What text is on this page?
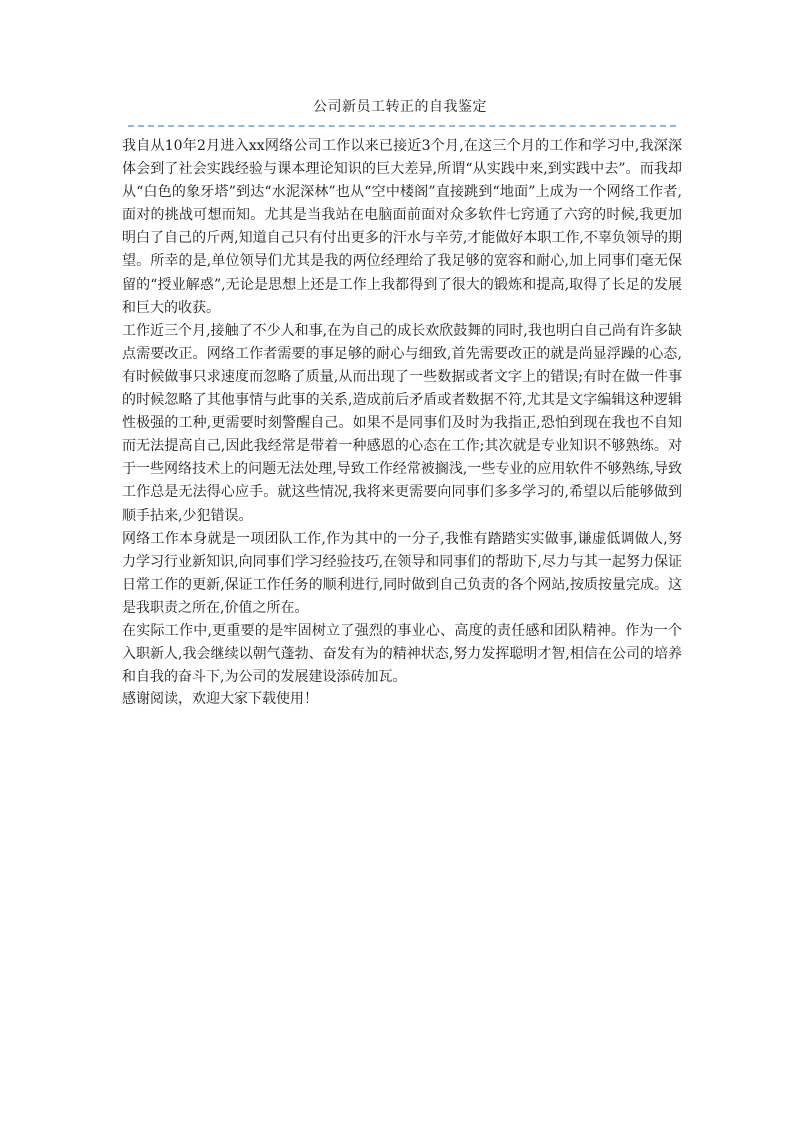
公司新员工转正的自我鉴定

我自从10年2月进入xx网络公司工作以来已接近3个月,在这三个月的工作和学习中,我深深体会到了社会实践经验与课本理论知识的巨大差异,所谓“从实践中来,到实践中去”。而我却从“白色的象牙塔”到达“水泥深林”也从“空中楼阁”直接跳到“地面”上成为一个网络工作者,面对的挑战可想而知。尤其是当我站在电脑面前面对众多软件七窍通了六窍的时候,我更加明白了自己的斤两,知道自己只有付出更多的汗水与辛劳,才能做好本职工作,不辜负领导的期望。所幸的是,单位领导们尤其是我的两位经理给了我足够的宽容和耐心,加上同事们毫无保留的“授业解惑”,无论是思想上还是工作上我都得到了很大的锻炼和提高,取得了长足的发展和巨大的收获。

工作近三个月,接触了不少人和事,在为自己的成长欢欣鼓舞的同时,我也明白自己尚有许多缺点需要改正。网络工作者需要的事足够的耐心与细致,首先需要改正的就是尚显浮躁的心态,有时候做事只求速度而忽略了质量,从而出现了一些数据或者文字上的错误;有时在做一件事的时候忽略了其他事情与此事的关系,造成前后矛盾或者数据不符,尤其是文字编辑这种逻辑性极强的工种,更需要时刻警醒自己。如果不是同事们及时为我指正,恐怕到现在我也不自知而无法提高自己,因此我经常是带着一种感恩的心态在工作;其次就是专业知识不够熟练。对于一些网络技术上的问题无法处理,导致工作经常被搁浅,一些专业的应用软件不够熟练,导致工作总是无法得心应手。就这些情况,我将来更需要向同事们多多学习的,希望以后能够做到顺手拈来,少犯错误。

网络工作本身就是一项团队工作,作为其中的一分子,我惟有踏踏实实做事,谦虚低调做人,努力学习行业新知识,向同事们学习经验技巧,在领导和同事们的帮助下,尽力与其一起努力保证日常工作的更新,保证工作任务的顺利进行,同时做到自己负责的各个网站,按质按量完成。这是我职责之所在,价值之所在。

在实际工作中,更重要的是牢固树立了强烈的事业心、高度的责任感和团队精神。作为一个入职新人,我会继续以朝气蓬勃、奋发有为的精神状态,努力发挥聪明才智,相信在公司的培养和自我的奋斗下,为公司的发展建设添砖加瓦。

感谢阅读，欢迎大家下载使用！
